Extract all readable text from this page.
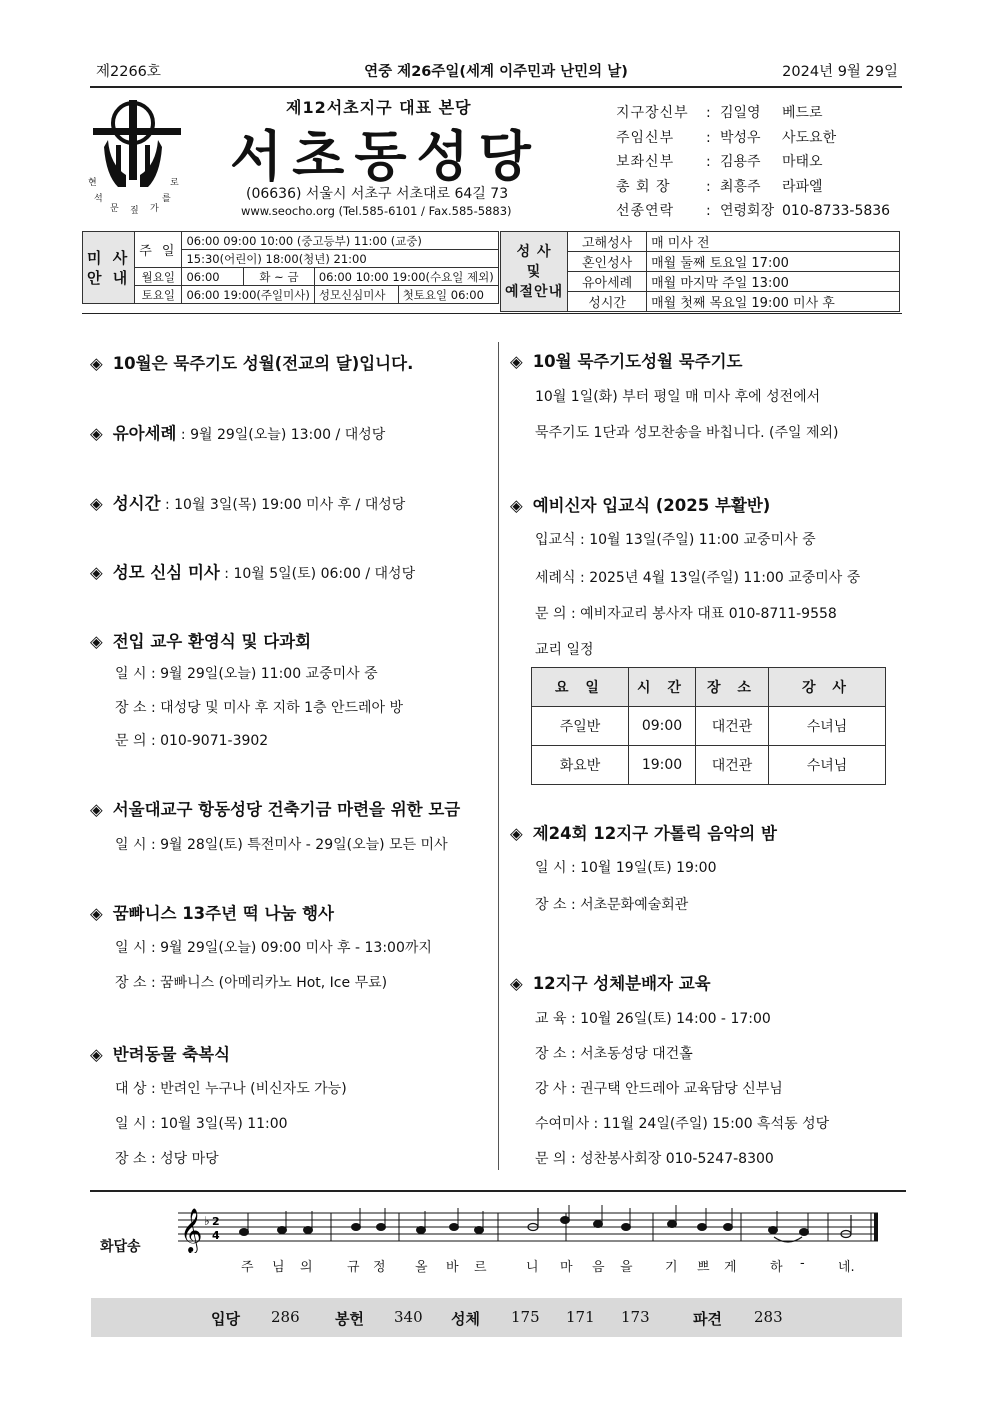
제2266호	연중 제26주일(세계 이주민과 난민의 날)	2024년 9월 29일
현
석
문
로
를
가
짚
제12서초지구 대표 본당
서초동성당
(06636) 서울시 서초구 서초대로 64길 73
www.seocho.org (Tel.585-6101 / Fax.585-5883)
지구장신부	: 김일영	베드로
주임신부	: 박성우	사도요한
보좌신부	: 김용주	마태오
총 회 장	: 최흥주	라파엘
선종연락	: 연령회장 010-8733-5836
미 사
안 내	주 일	06:00 09:00 10:00 (중고등부) 11:00 (교중)			
		15:30(어린이) 18:00(청년) 21:00			
	월요일	06:00	화 ~ 금	06:00 10:00 19:00(수요일 제외)	
	토요일	06:00 19:00(주일미사)		성모신심미사	첫토요일 06:00
성 사
및
예절안내	고해성사	매 미사 전
	혼인성사	매월 둘째 토요일 17:00
	유아세례	매월 마지막 주일 13:00
	성시간	매월 첫째 목요일 19:00 미사 후
◈ 10월은 묵주기도 성월(전교의 달)입니다.
◈ 유아세례 : 9월 29일(오늘) 13:00 / 대성당
◈ 성시간 : 10월 3일(목) 19:00 미사 후 / 대성당
◈ 성모 신심 미사 : 10월 5일(토) 06:00 / 대성당
◈ 전입 교우 환영식 및 다과회
일 시 : 9월 29일(오늘) 11:00 교중미사 중
장 소 : 대성당 및 미사 후 지하 1층 안드레아 방
문 의 : 010-9071-3902
◈ 서울대교구 항동성당 건축기금 마련을 위한 모금
일 시 : 9월 28일(토) 특전미사 - 29일(오늘) 모든 미사
◈ 꿈빠니스 13주년 떡 나눔 행사
일 시 : 9월 29일(오늘) 09:00 미사 후 - 13:00까지
장 소 : 꿈빠니스 (아메리카노 Hot, Ice 무료)
◈ 반려동물 축복식
대 상 : 반려인 누구나 (비신자도 가능)
일 시 : 10월 3일(목) 11:00
장 소 : 성당 마당
◈ 10월 묵주기도성월 묵주기도
10월 1일(화) 부터 평일 매 미사 후에 성전에서
묵주기도 1단과 성모찬송을 바칩니다. (주일 제외)
◈ 예비신자 입교식 (2025 부활반)
입교식 : 10월 13일(주일) 11:00 교중미사 중
세례식 : 2025년 4월 13일(주일) 11:00 교중미사 중
문 의 : 예비자교리 봉사자 대표 010-8711-9558
교리 일정
요 일	시 간	장 소	강 사
주일반	09:00	대건관	수녀님
화요반	19:00	대건관	수녀님
◈ 제24회 12지구 가톨릭 음악의 밤
일 시 : 10월 19일(토) 19:00
장 소 : 서초문화예술회관
◈ 12지구 성체분배자 교육
교 육 : 10월 26일(토) 14:00 - 17:00
장 소 : 서초동성당 대건홀
강 사 : 권구택 안드레아 교육담당 신부님
수여미사 : 11월 24일(주일) 15:00 흑석동 성당
문 의 : 성찬봉사회장 010-5247-8300
화답송 𝄞 ♭ 2
4
주 님 의	규 정 올 바 르	니 마 음 을 기 쁘 게	하 -	네.
입당 286 봉헌 340 성체 175 171 173	파견 283
